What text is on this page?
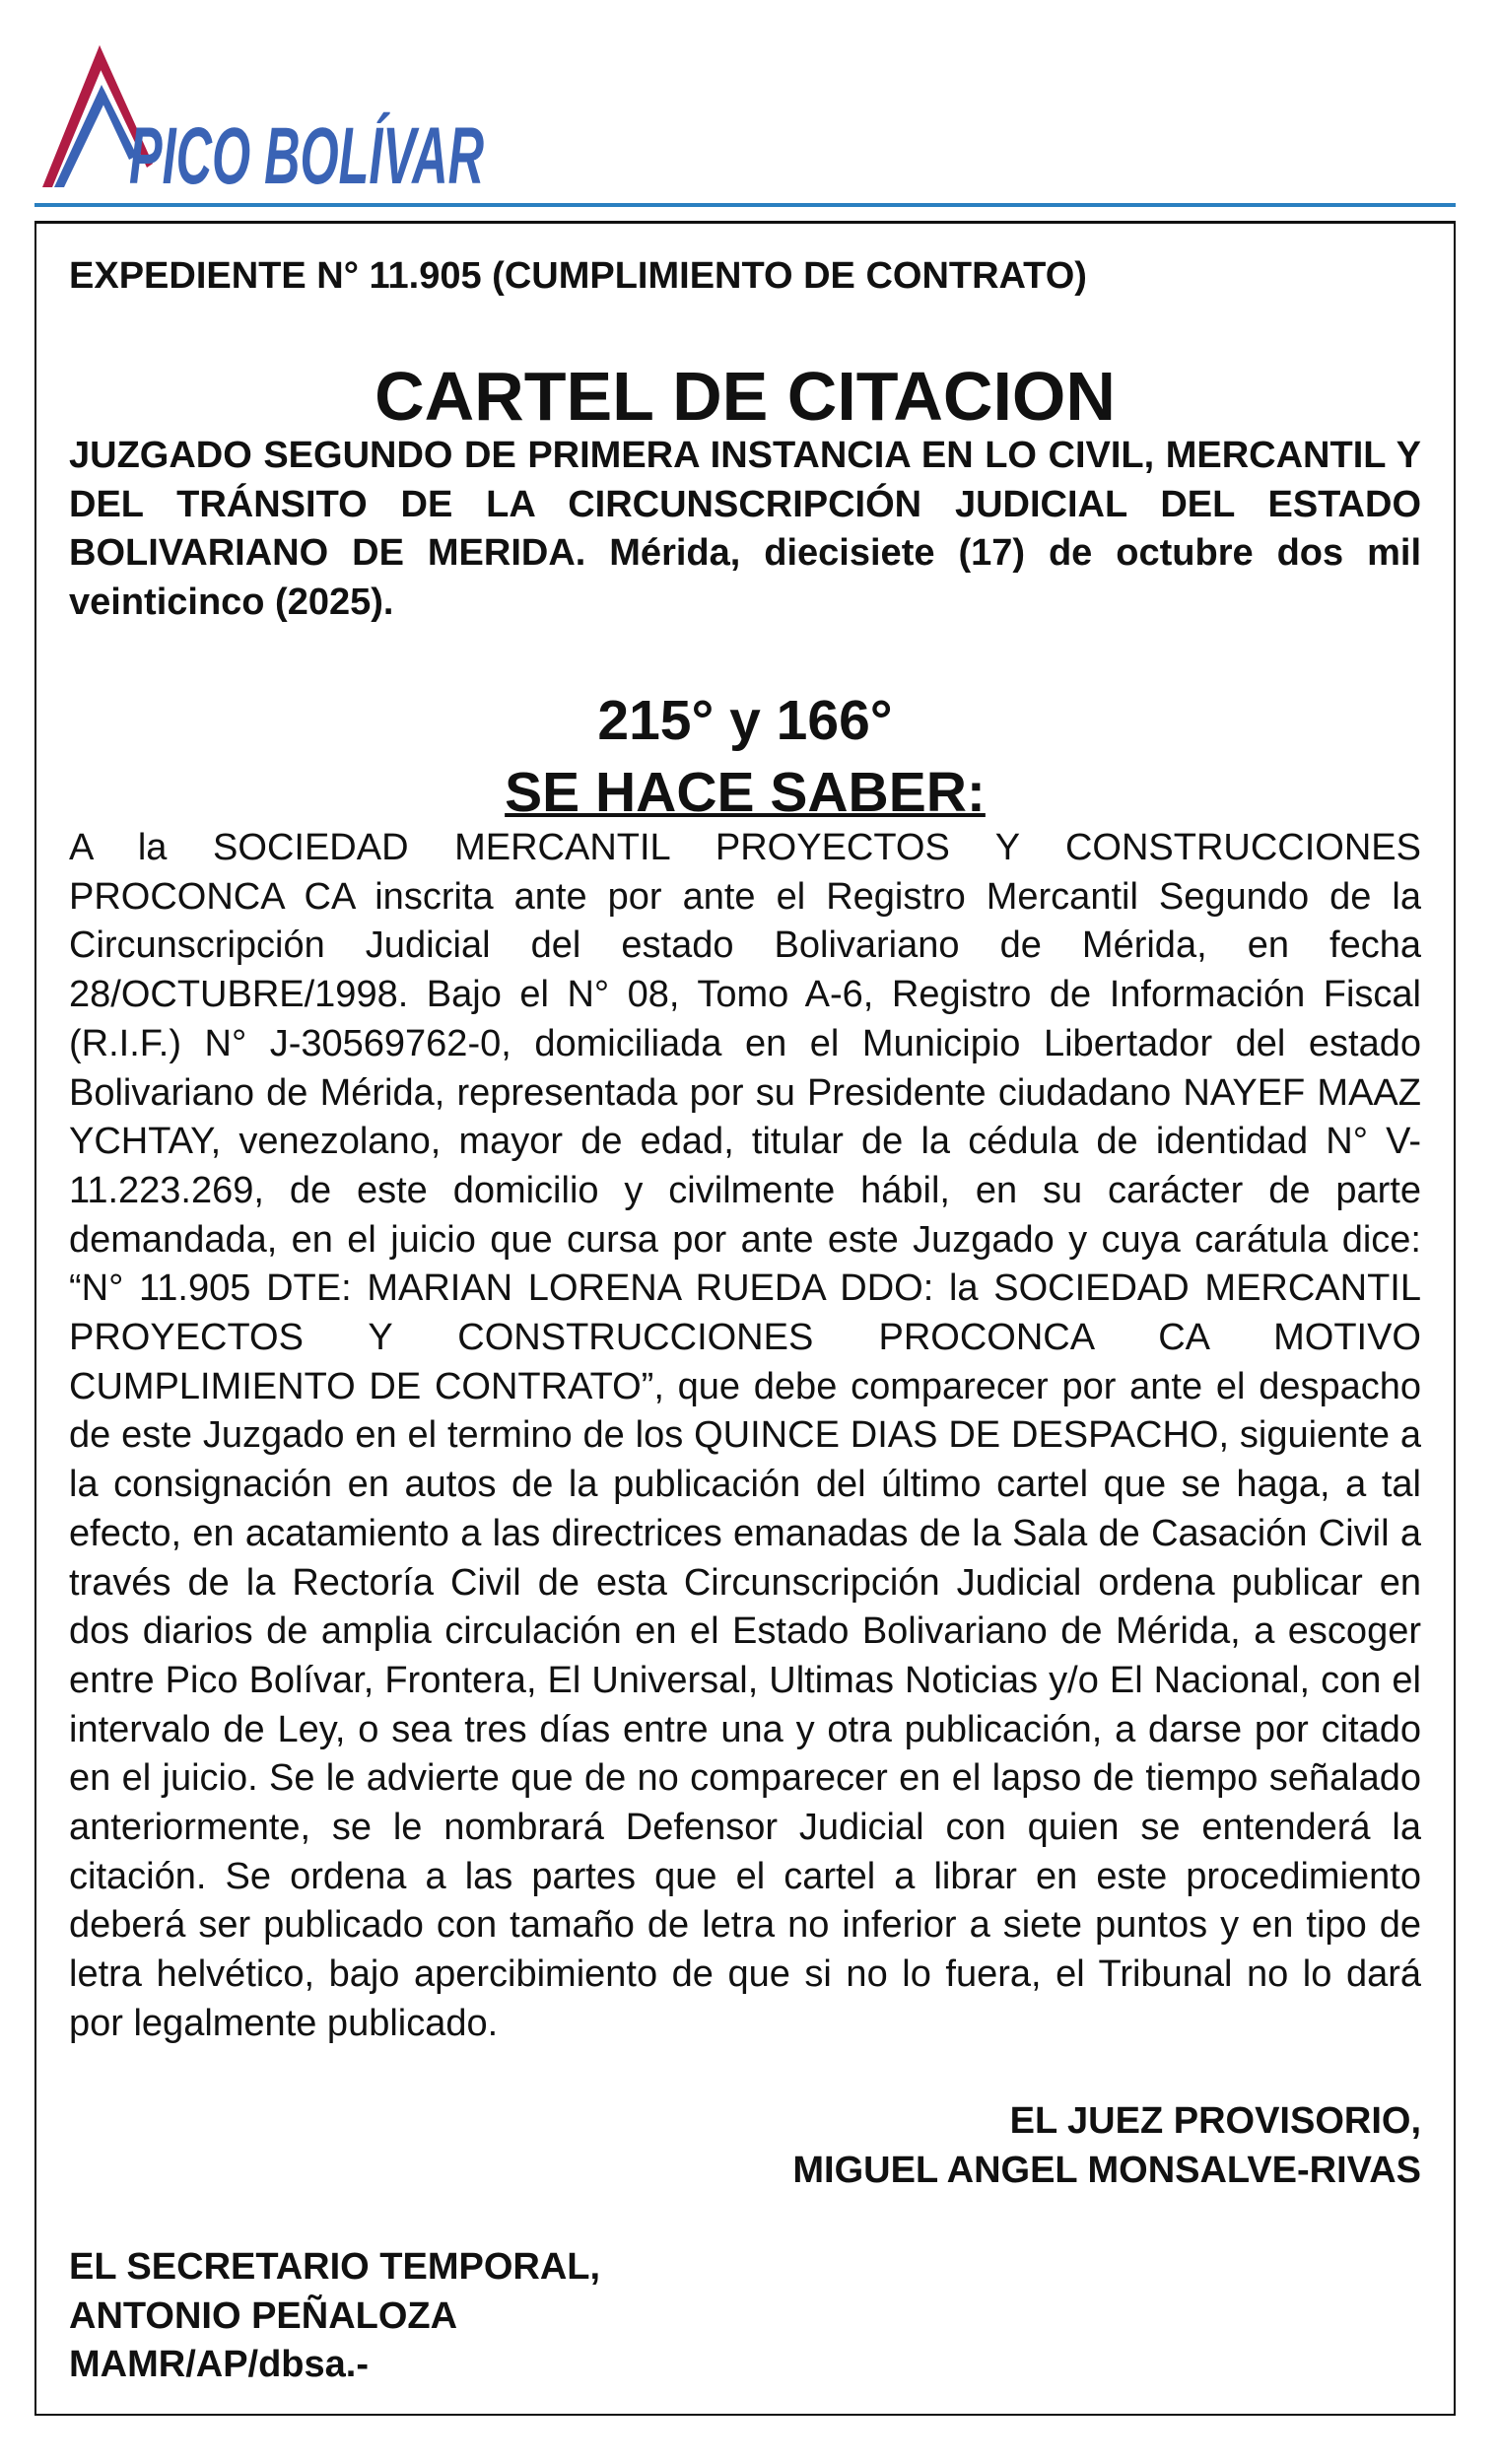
PICO BOLÍVAR
EXPEDIENTE N° 11.905 (CUMPLIMIENTO DE CONTRATO)
CARTEL DE CITACION
JUZGADO SEGUNDO DE PRIMERA INSTANCIA EN LO CIVIL, MERCANTIL Y DEL TRÁNSITO DE LA CIRCUNSCRIPCIÓN JUDICIAL DEL ESTADO BOLIVARIANO DE MERIDA. Mérida, diecisiete (17) de octubre dos mil veinticinco (2025).
215° y 166°
SE HACE SABER:
A la SOCIEDAD MERCANTIL PROYECTOS Y CONSTRUCCIONES PROCONCA CA inscrita ante por ante el Registro Mercantil Segundo de la Circunscripción Judicial del estado Bolivariano de Mérida, en fecha 28/OCTUBRE/1998. Bajo el N° 08, Tomo A-6, Registro de Información Fiscal (R.I.F.) N° J-30569762-0, domiciliada en el Municipio Libertador del estado Bolivariano de Mérida, representada por su Presidente ciudadano NAYEF MAAZ YCHTAY, venezolano, mayor de edad, titular de la cédula de identidad N° V-11.223.269, de este domicilio y civilmente hábil, en su carácter de parte demandada, en el juicio que cursa por ante este Juzgado y cuya carátula dice: “N° 11.905 DTE: MARIAN LORENA RUEDA DDO: la SOCIEDAD MERCANTIL PROYECTOS Y CONSTRUCCIONES PROCONCA CA MOTIVO CUMPLIMIENTO DE CONTRATO”, que debe comparecer por ante el despacho de este Juzgado en el termino de los QUINCE DIAS DE DESPACHO, siguiente a la consignación en autos de la publicación del último cartel que se haga, a tal efecto, en acatamiento a las directrices emanadas de la Sala de Casación Civil a través de la Rectoría Civil de esta Circunscripción Judicial ordena publicar en dos diarios de amplia circulación en el Estado Bolivariano de Mérida, a escoger entre Pico Bolívar, Frontera, El Universal, Ultimas Noticias y/o El Nacional, con el intervalo de Ley, o sea tres días entre una y otra publicación, a darse por citado en el juicio. Se le advierte que de no comparecer en el lapso de tiempo señalado anteriormente, se le nombrará Defensor Judicial con quien se entenderá la citación. Se ordena a las partes que el cartel a librar en este procedimiento deberá ser publicado con tamaño de letra no inferior a siete puntos y en tipo de letra helvético, bajo apercibimiento de que si no lo fuera, el Tribunal no lo dará por legalmente publicado.
EL JUEZ PROVISORIO,
MIGUEL ANGEL MONSALVE-RIVAS
EL SECRETARIO TEMPORAL,
ANTONIO PEÑALOZA
MAMR/AP/dbsa.-
